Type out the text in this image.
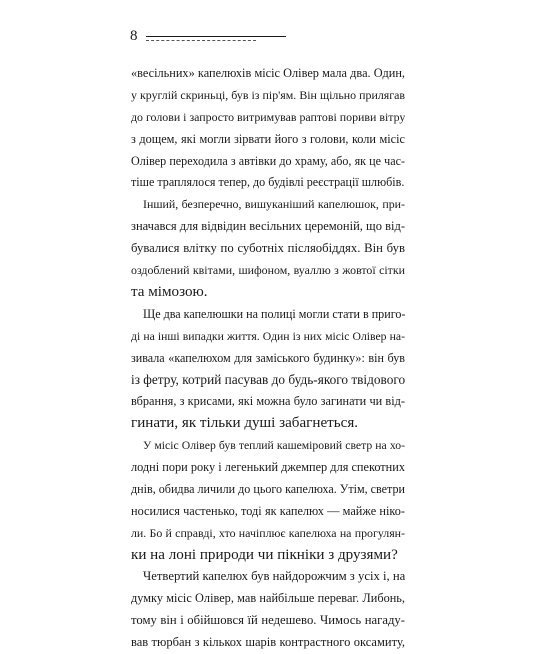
8
«весільних» капелюхів місіс Олівер мала два. Один,
у круглій скриньці, був із пір'ям. Він щільно прилягав
до голови і запросто витримував раптові пориви вітру
з дощем, які могли зірвати його з голови, коли місіс
Олівер переходила з автівки до храму, або, як це час-
тіше траплялося тепер, до будівлі реєстрації шлюбів.
Інший, безперечно, вишуканіший капелюшок, при-
значався для відвідин весільних церемоній, що від-
бувалися влітку по суботніх післяобіддях. Він був
оздоблений квітами, шифоном, вуаллю з жовтої сітки
та мімозою.
Ще два капелюшки на полиці могли стати в приго-
ді на інші випадки життя. Один із них місіс Олівер на-
зивала «капелюхом для заміського будинку»: він був
із фетру, котрий пасував до будь-якого твідового
вбрання, з крисами, які можна було загинати чи від-
гинати, як тільки душі забагнеться.
У місіс Олівер був теплий кашеміровий светр на хо-
лодні пори року і легенький джемпер для спекотних
днів, обидва личили до цього капелюха. Утім, светри
носилися частенько, тоді як капелюх — майже ніко-
ли. Бо й справді, хто начіплює капелюха на прогулян-
ки на лоні природи чи пікніки з друзями?
Четвертий капелюх був найдорожчим з усіх і, на
думку місіс Олівер, мав найбільше переваг. Либонь,
тому він і обійшовся їй недешево. Чимось нагаду-
вав тюрбан з кількох шарів контрастного оксамиту,
